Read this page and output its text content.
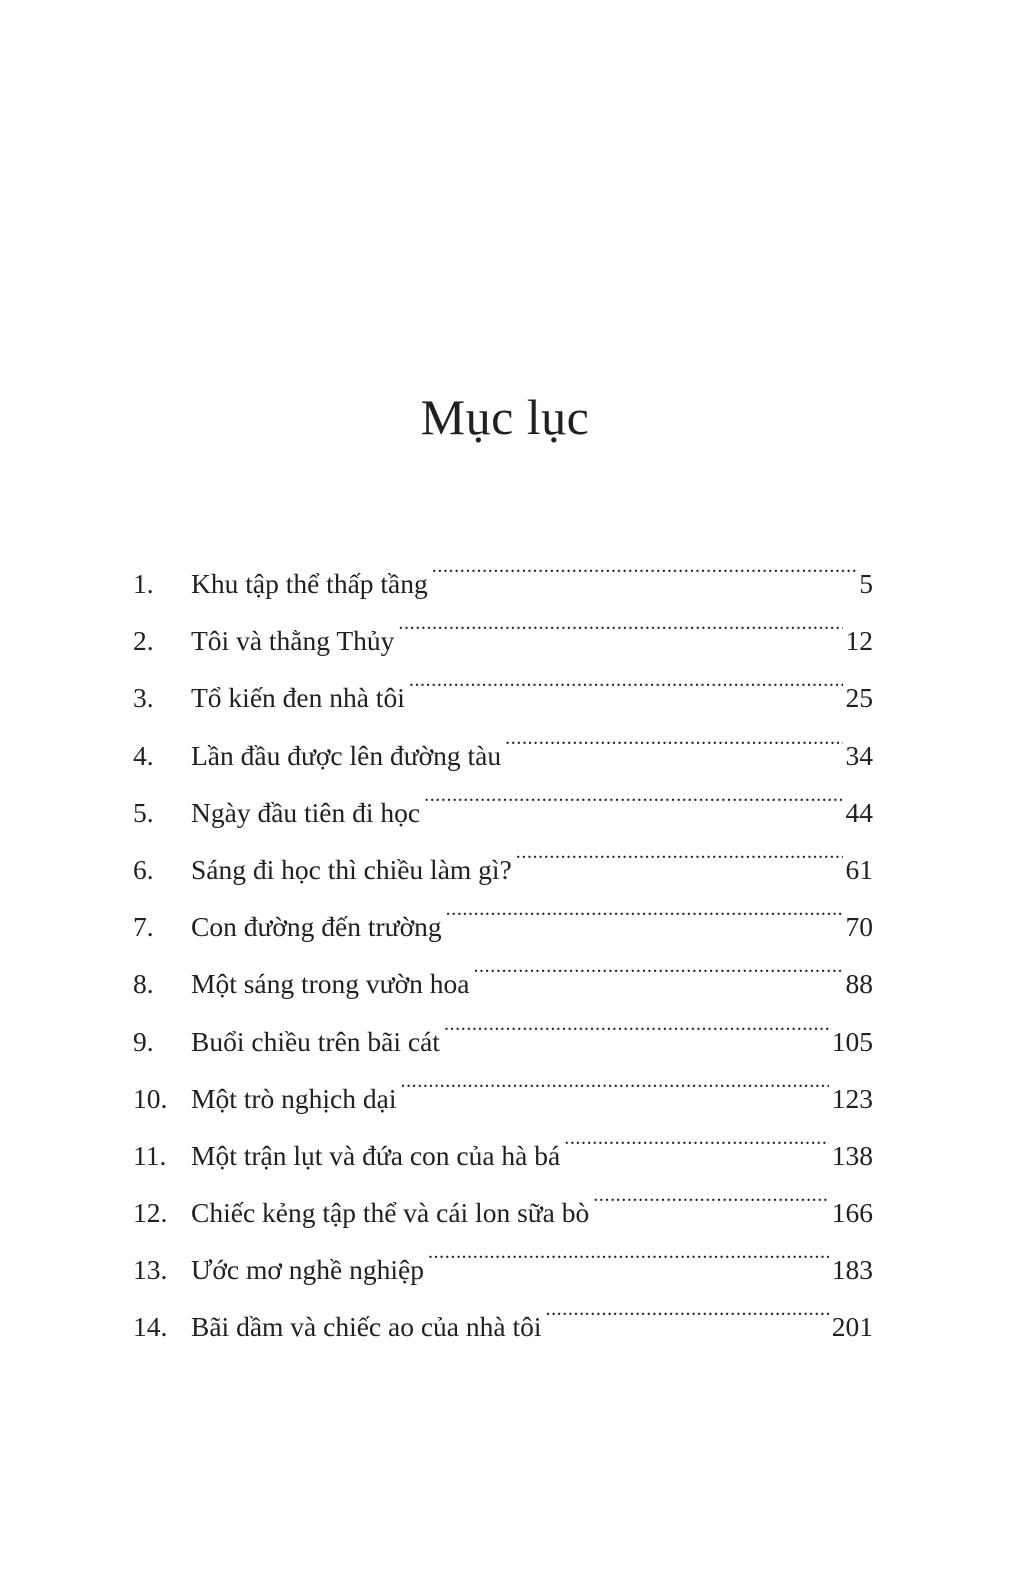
Mục lục
1.	Khu tập thể thấp tầng .....	5
2.	Tôi và thằng Thủy .....	12
3.	Tổ kiến đen nhà tôi .....	25
4.	Lần đầu được lên đường tàu .....	34
5.	Ngày đầu tiên đi học .....	44
6.	Sáng đi học thì chiều làm gì? .....	61
7.	Con đường đến trường .....	70
8.	Một sáng trong vườn hoa .....	88
9.	Buổi chiều trên bãi cát .....	105
10. Một trò nghịch dại .....	123
11. Một trận lụt và đứa con của hà bá .....	138
12. Chiếc kẻng tập thể và cái lon sữa bò .....	166
13. Ước mơ nghề nghiệp .....	183
14. Bãi dầm và chiếc ao của nhà tôi .....	201
